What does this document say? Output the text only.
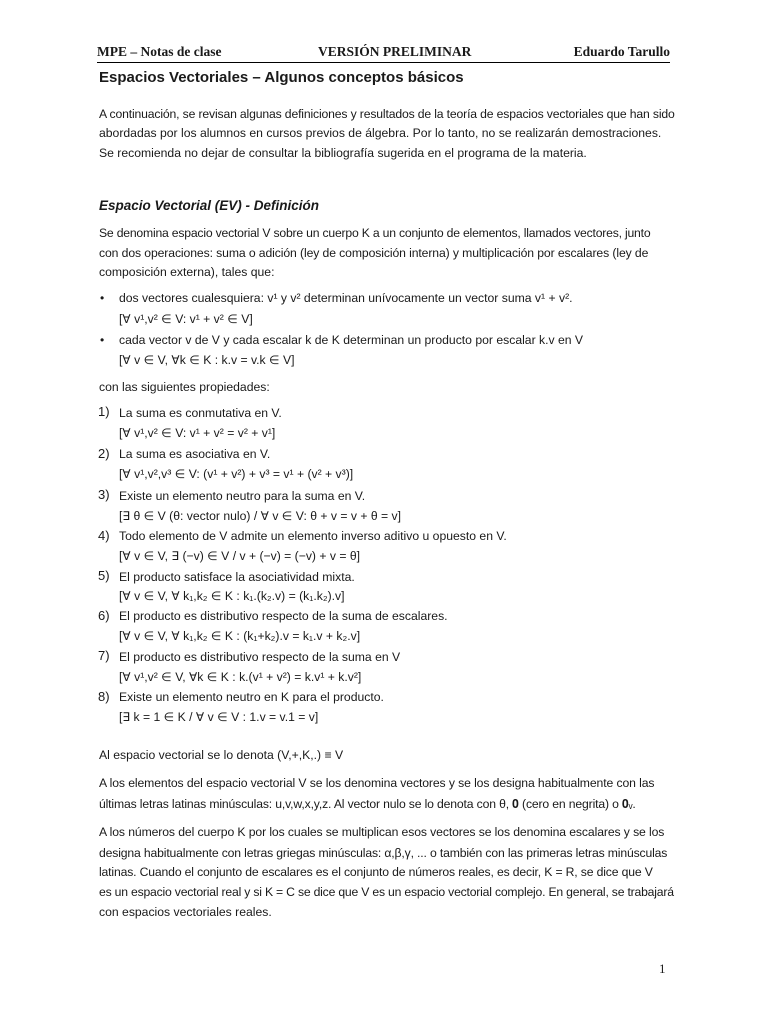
MPE – Notas de clase	VERSIÓN PRELIMINAR	Eduardo Tarullo
Espacios Vectoriales – Algunos conceptos básicos
A continuación, se revisan algunas definiciones y resultados de la teoría de espacios vectoriales que han sido
abordadas por los alumnos en cursos previos de álgebra. Por lo tanto, no se realizarán demostraciones.
Se recomienda no dejar de consultar la bibliografía sugerida en el programa de la materia.
Espacio Vectorial (EV) - Definición
Se denomina espacio vectorial V sobre un cuerpo K a un conjunto de elementos, llamados vectores, junto
con dos operaciones: suma o adición (ley de composición interna) y multiplicación por escalares (ley de
composición externa), tales que:
• dos vectores cualesquiera: v¹ y v² determinan unívocamente un vector suma v¹ + v².
[∀ v¹,v² ∈ V: v¹ + v² ∈ V]
• cada vector v de V y cada escalar k de K determinan un producto por escalar k.v en V
[∀ v ∈ V, ∀k ∈ K : k.v = v.k ∈ V]
con las siguientes propiedades:
1) La suma es conmutativa en V.
[∀ v¹,v² ∈ V: v¹ + v² = v² + v¹]
2) La suma es asociativa en V.
[∀ v¹,v²,v³ ∈ V: (v¹ + v²) + v³ = v¹ + (v² + v³)]
3) Existe un elemento neutro para la suma en V.
[∃ θ ∈ V (θ: vector nulo) / ∀ v ∈ V: θ + v = v + θ = v]
4) Todo elemento de V admite un elemento inverso aditivo u opuesto en V.
[∀ v ∈ V, ∃ (−v) ∈ V / v + (−v) = (−v) + v = θ]
5) El producto satisface la asociatividad mixta.
[∀ v ∈ V, ∀ k₁,k₂ ∈ K : k₁.(k₂.v) = (k₁.k₂).v]
6) El producto es distributivo respecto de la suma de escalares.
[∀ v ∈ V, ∀ k₁,k₂ ∈ K : (k₁+k₂).v = k₁.v + k₂.v]
7) El producto es distributivo respecto de la suma en V
[∀ v¹,v² ∈ V, ∀k ∈ K : k.(v¹ + v²) = k.v¹ + k.v²]
8) Existe un elemento neutro en K para el producto.
[∃ k = 1 ∈ K / ∀ v ∈ V : 1.v = v.1 = v]
Al espacio vectorial se lo denota (V,+,K,.) ≡ V
A los elementos del espacio vectorial V se los denomina vectores y se los designa habitualmente con las
últimas letras latinas minúsculas: u,v,w,x,y,z. Al vector nulo se lo denota con θ, 𝟎 (cero en negrita) o 𝟎ᵥ.
A los números del cuerpo K por los cuales se multiplican esos vectores se los denomina escalares y se los
designa habitualmente con letras griegas minúsculas: α,β,γ, ... o también con las primeras letras minúsculas
latinas. Cuando el conjunto de escalares es el conjunto de números reales, es decir, K = R, se dice que V
es un espacio vectorial real y si K = C se dice que V es un espacio vectorial complejo. En general, se trabajará
con espacios vectoriales reales.
1
